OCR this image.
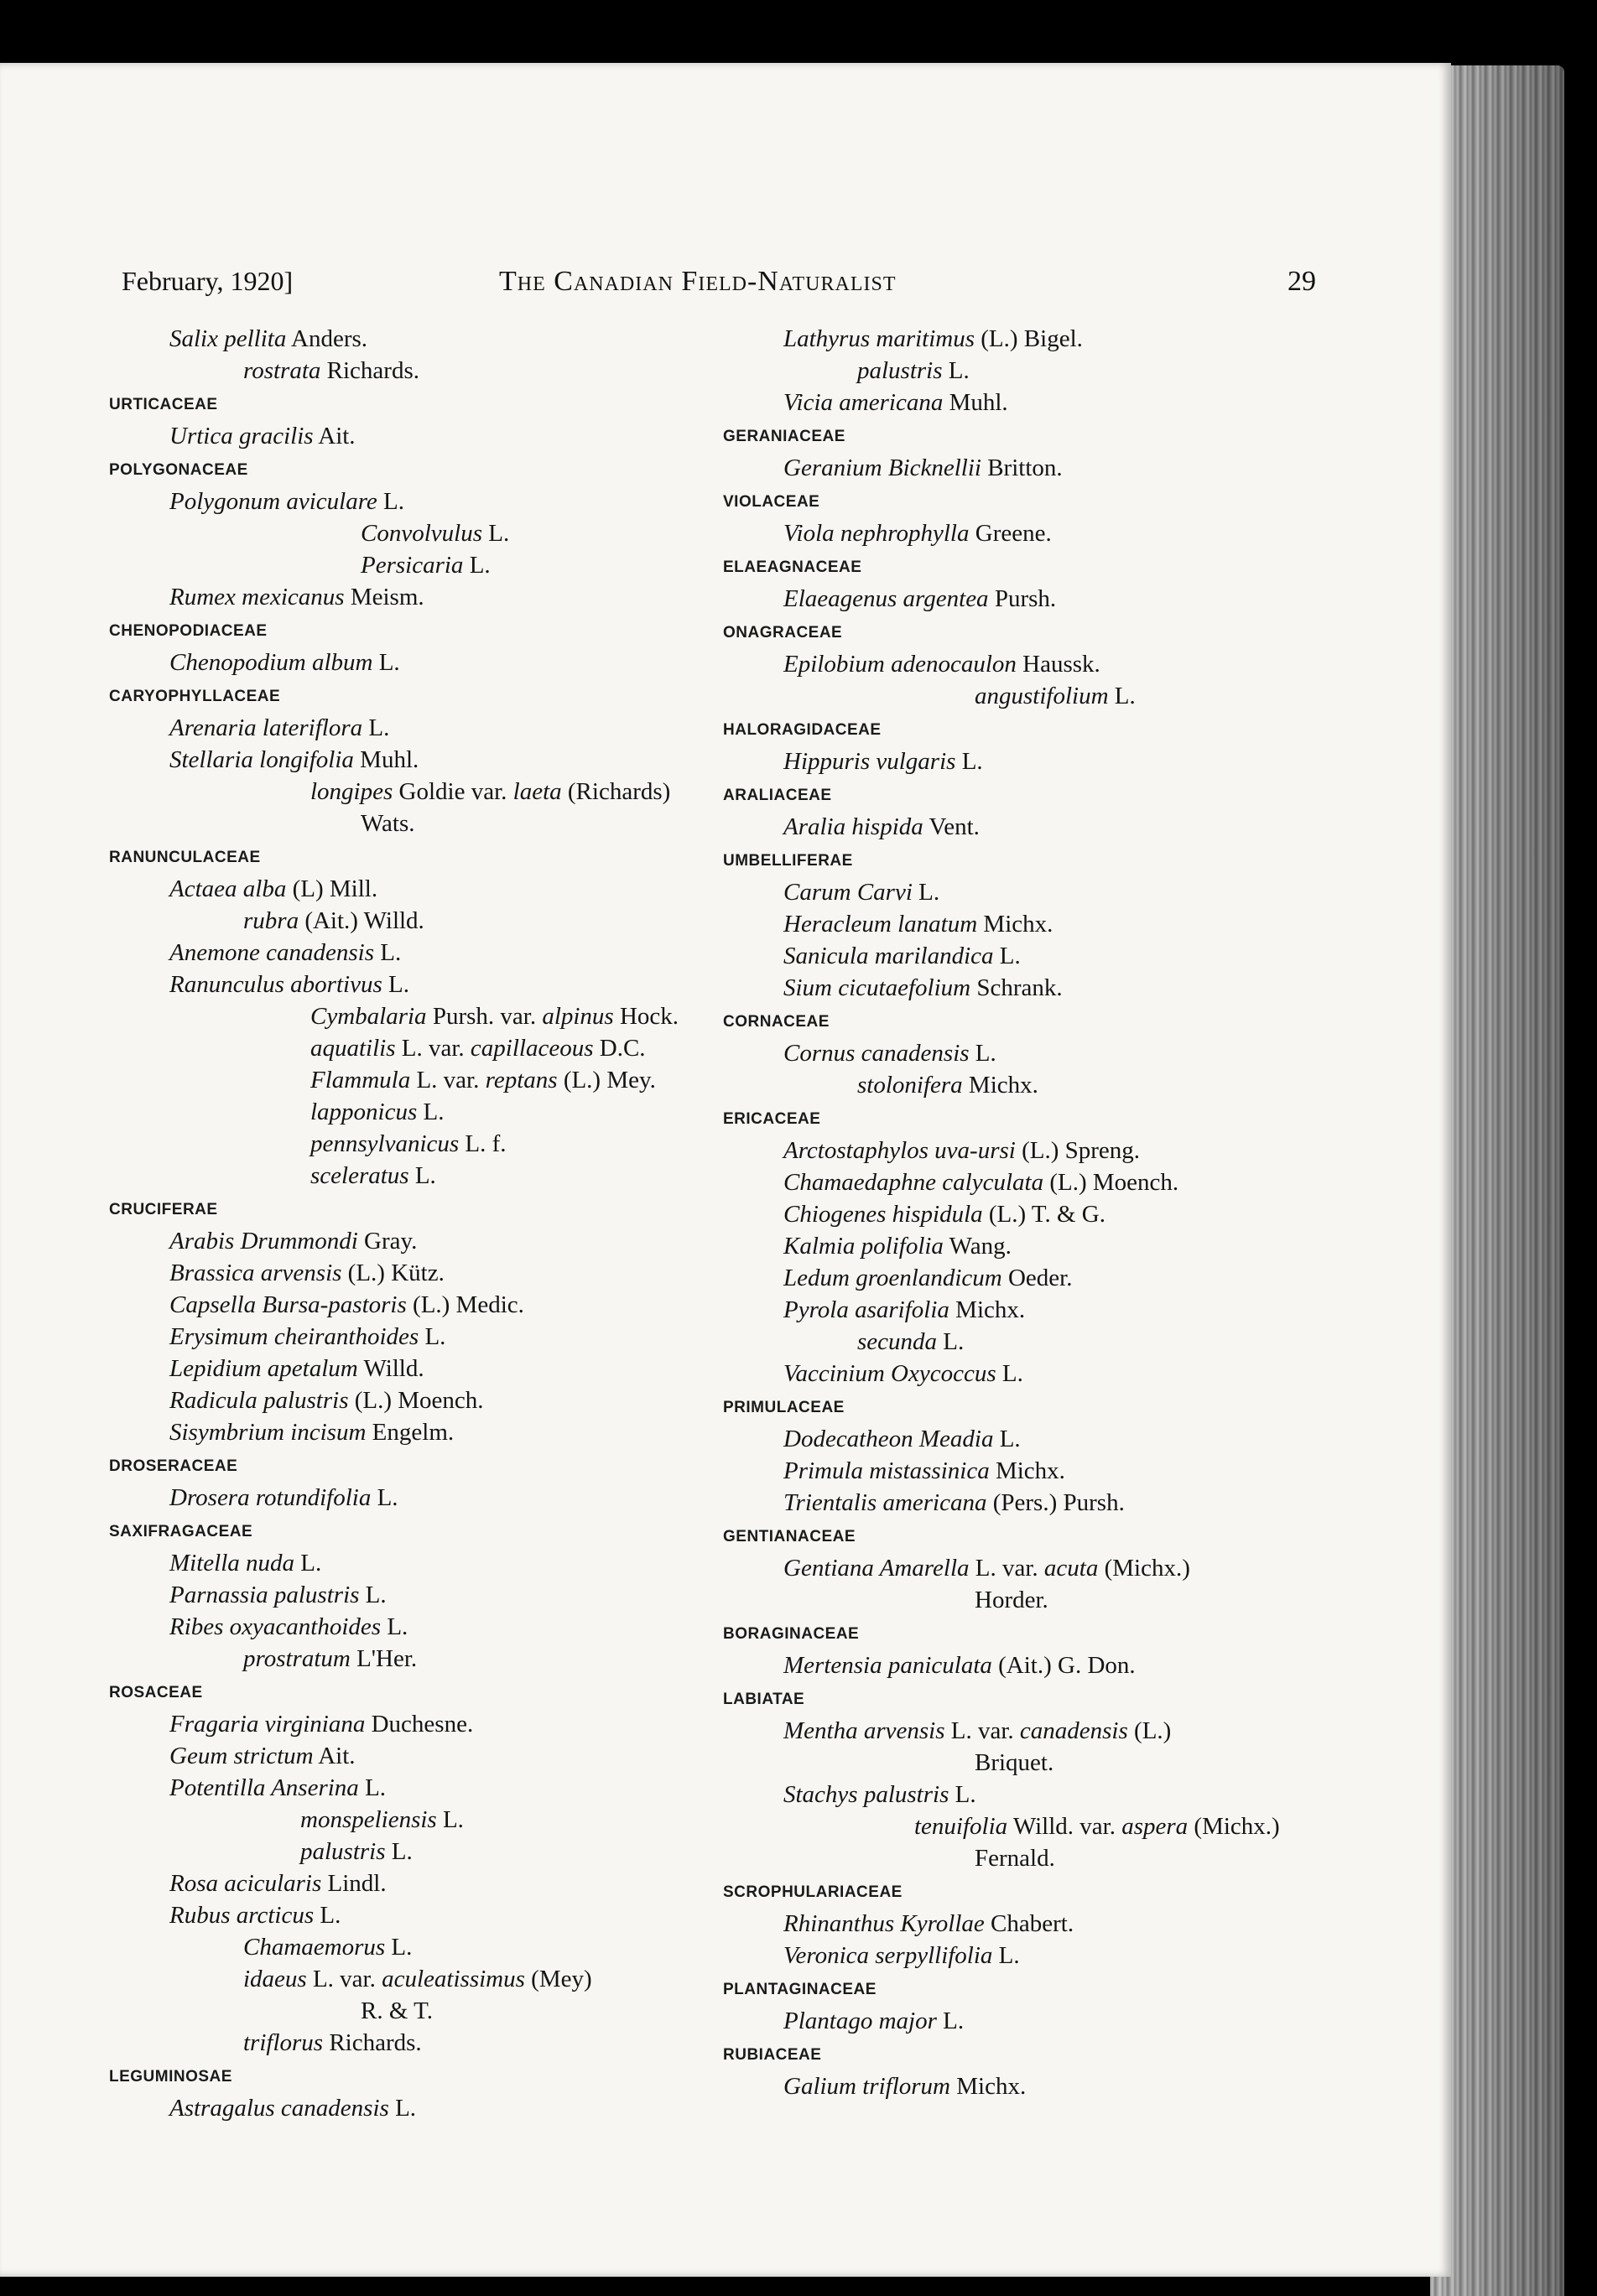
February, 1920]	The Canadian Field-Naturalist	29
Salix pellita Anders.
rostrata Richards.
URTICACEAE
Urtica gracilis Ait.
POLYGONACEAE
Polygonum aviculare L.
Convolvulus L.
Persicaria L.
Rumex mexicanus Meism.
CHENOPODIACEAE
Chenopodium album L.
CARYOPHYLLACEAE
Arenaria lateriflora L.
Stellaria longifolia Muhl.
longipes Goldie var. laeta (Richards)
Wats.
RANUNCULACEAE
Actaea alba (L) Mill.
rubra (Ait.) Willd.
Anemone canadensis L.
Ranunculus abortivus L.
Cymbalaria Pursh. var. alpinus Hock.
aquatilis L. var. capillaceous D.C.
Flammula L. var. reptans (L.) Mey.
lapponicus L.
pennsylvanicus L. f.
sceleratus L.
CRUCIFERAE
Arabis Drummondi Gray.
Brassica arvensis (L.) Kütz.
Capsella Bursa-pastoris (L.) Medic.
Erysimum cheiranthoides L.
Lepidium apetalum Willd.
Radicula palustris (L.) Moench.
Sisymbrium incisum Engelm.
DROSERACEAE
Drosera rotundifolia L.
SAXIFRAGACEAE
Mitella nuda L.
Parnassia palustris L.
Ribes oxyacanthoides L.
prostratum L'Her.
ROSACEAE
Fragaria virginiana Duchesne.
Geum strictum Ait.
Potentilla Anserina L.
monspeliensis L.
palustris L.
Rosa acicularis Lindl.
Rubus arcticus L.
Chamaemorus L.
idaeus L. var. aculeatissimus (Mey)
R. & T.
triflorus Richards.
LEGUMINOSAE
Astragalus canadensis L.
Lathyrus maritimus (L.) Bigel.
palustris L.
Vicia americana Muhl.
GERANIACEAE
Geranium Bicknellii Britton.
VIOLACEAE
Viola nephrophylla Greene.
ELAEAGNACEAE
Elaeagenus argentea Pursh.
ONAGRACEAE
Epilobium adenocaulon Haussk.
angustifolium L.
HALORAGIDACEAE
Hippuris vulgaris L.
ARALIACEAE
Aralia hispida Vent.
UMBELLIFERAE
Carum Carvi L.
Heracleum lanatum Michx.
Sanicula marilandica L.
Sium cicutaefolium Schrank.
CORNACEAE
Cornus canadensis L.
stolonifera Michx.
ERICACEAE
Arctostaphylos uva-ursi (L.) Spreng.
Chamaedaphne calyculata (L.) Moench.
Chiogenes hispidula (L.) T. & G.
Kalmia polifolia Wang.
Ledum groenlandicum Oeder.
Pyrola asarifolia Michx.
secunda L.
Vaccinium Oxycoccus L.
PRIMULACEAE
Dodecatheon Meadia L.
Primula mistassinica Michx.
Trientalis americana (Pers.) Pursh.
GENTIANACEAE
Gentiana Amarella L. var. acuta (Michx.)
Horder.
BORAGINACEAE
Mertensia paniculata (Ait.) G. Don.
LABIATAE
Mentha arvensis L. var. canadensis (L.)
Briquet.
Stachys palustris L.
tenuifolia Willd. var. aspera (Michx.)
Fernald.
SCROPHULARIACEAE
Rhinanthus Kyrollae Chabert.
Veronica serpyllifolia L.
PLANTAGINACEAE
Plantago major L.
RUBIACEAE
Galium triflorum Michx.
